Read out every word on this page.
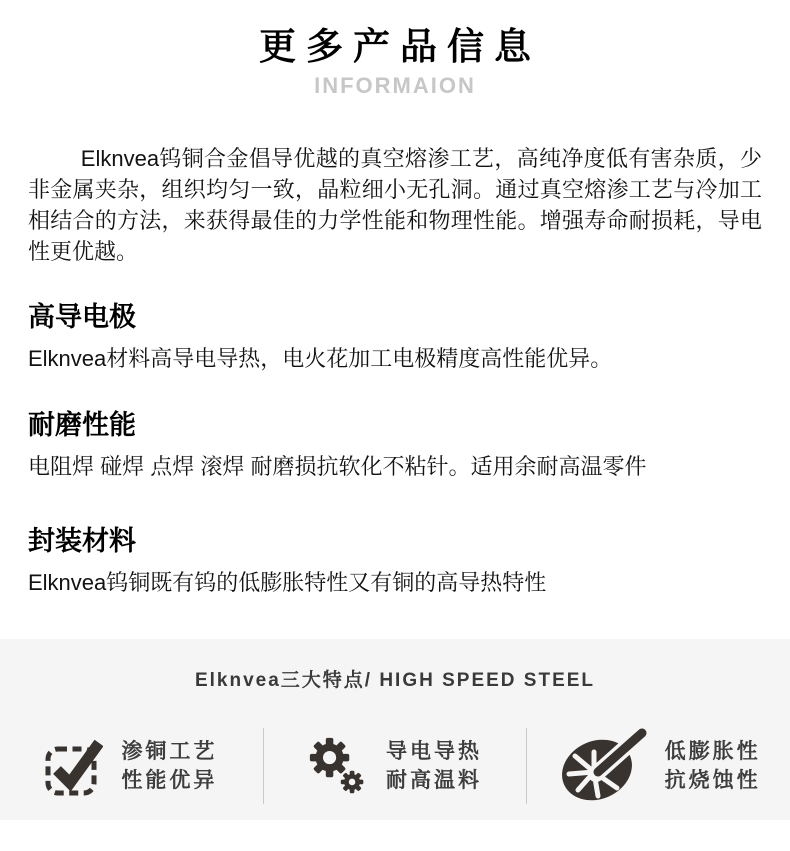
更多产品信息
INFORMAION

Elknvea钨铜合金倡导优越的真空熔渗工艺，高纯净度低有害杂质，少非金属夹杂，组织均匀一致，晶粒细小无孔洞。通过真空熔渗工艺与冷加工相结合的方法，来获得最佳的力学性能和物理性能。增强寿命耐损耗，导电性更优越。

高导电极
Elknvea材料高导电导热，电火花加工电极精度高性能优异。
耐磨性能
电阻焊 碰焊 点焊 滚焊 耐磨损抗软化不粘针。适用余耐高温零件
封装材料
Elknvea钨铜既有钨的低膨胀特性又有铜的高导热特性
Elknvea三大特点/ HIGH SPEED STEEL
渗铜工艺
性能优异
导电导热
耐高温料
低膨胀性
抗烧蚀性
